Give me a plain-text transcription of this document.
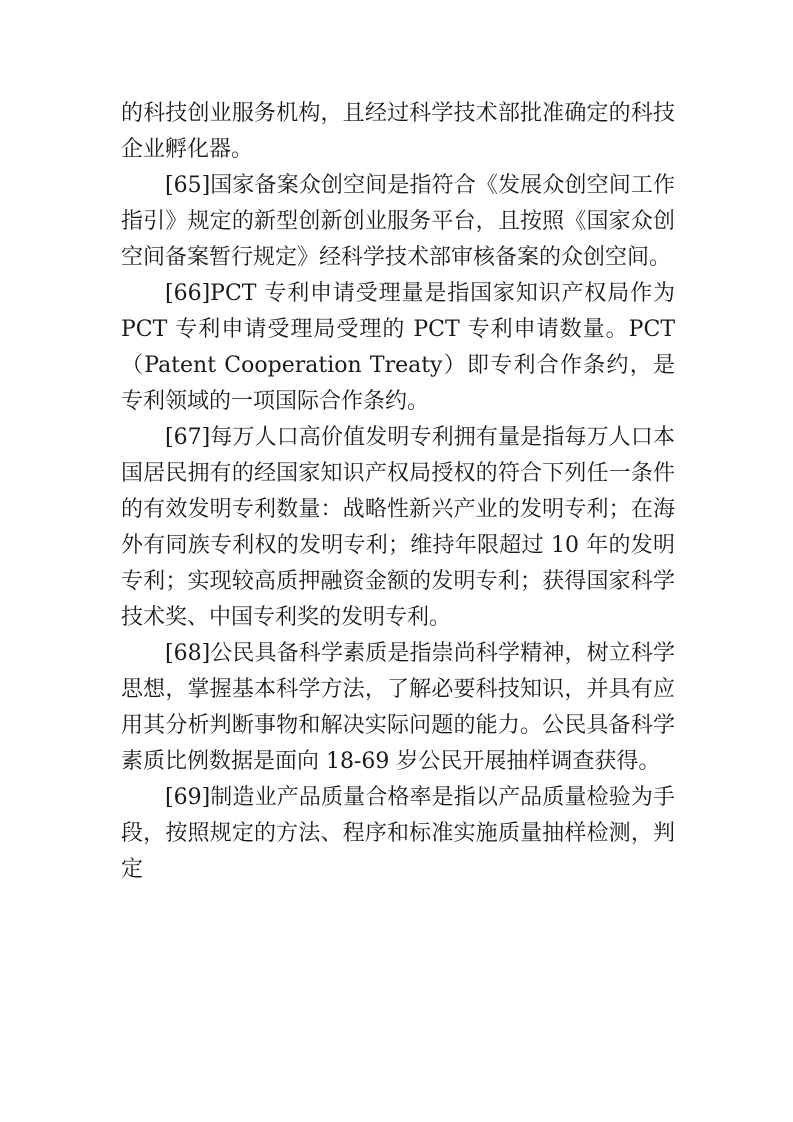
的科技创业服务机构，且经过科学技术部批准确定的科技企业孵化器。

[65]国家备案众创空间是指符合《发展众创空间工作指引》规定的新型创新创业服务平台，且按照《国家众创空间备案暂行规定》经科学技术部审核备案的众创空间。

[66]PCT 专利申请受理量是指国家知识产权局作为 PCT 专利申请受理局受理的 PCT 专利申请数量。PCT（Patent Cooperation Treaty）即专利合作条约，是专利领域的一项国际合作条约。

[67]每万人口高价值发明专利拥有量是指每万人口本国居民拥有的经国家知识产权局授权的符合下列任一条件的有效发明专利数量：战略性新兴产业的发明专利；在海外有同族专利权的发明专利；维持年限超过 10 年的发明专利；实现较高质押融资金额的发明专利；获得国家科学技术奖、中国专利奖的发明专利。

[68]公民具备科学素质是指崇尚科学精神，树立科学思想，掌握基本科学方法，了解必要科技知识，并具有应用其分析判断事物和解决实际问题的能力。公民具备科学素质比例数据是面向 18-69 岁公民开展抽样调查获得。

[69]制造业产品质量合格率是指以产品质量检验为手段，按照规定的方法、程序和标准实施质量抽样检测，判定
